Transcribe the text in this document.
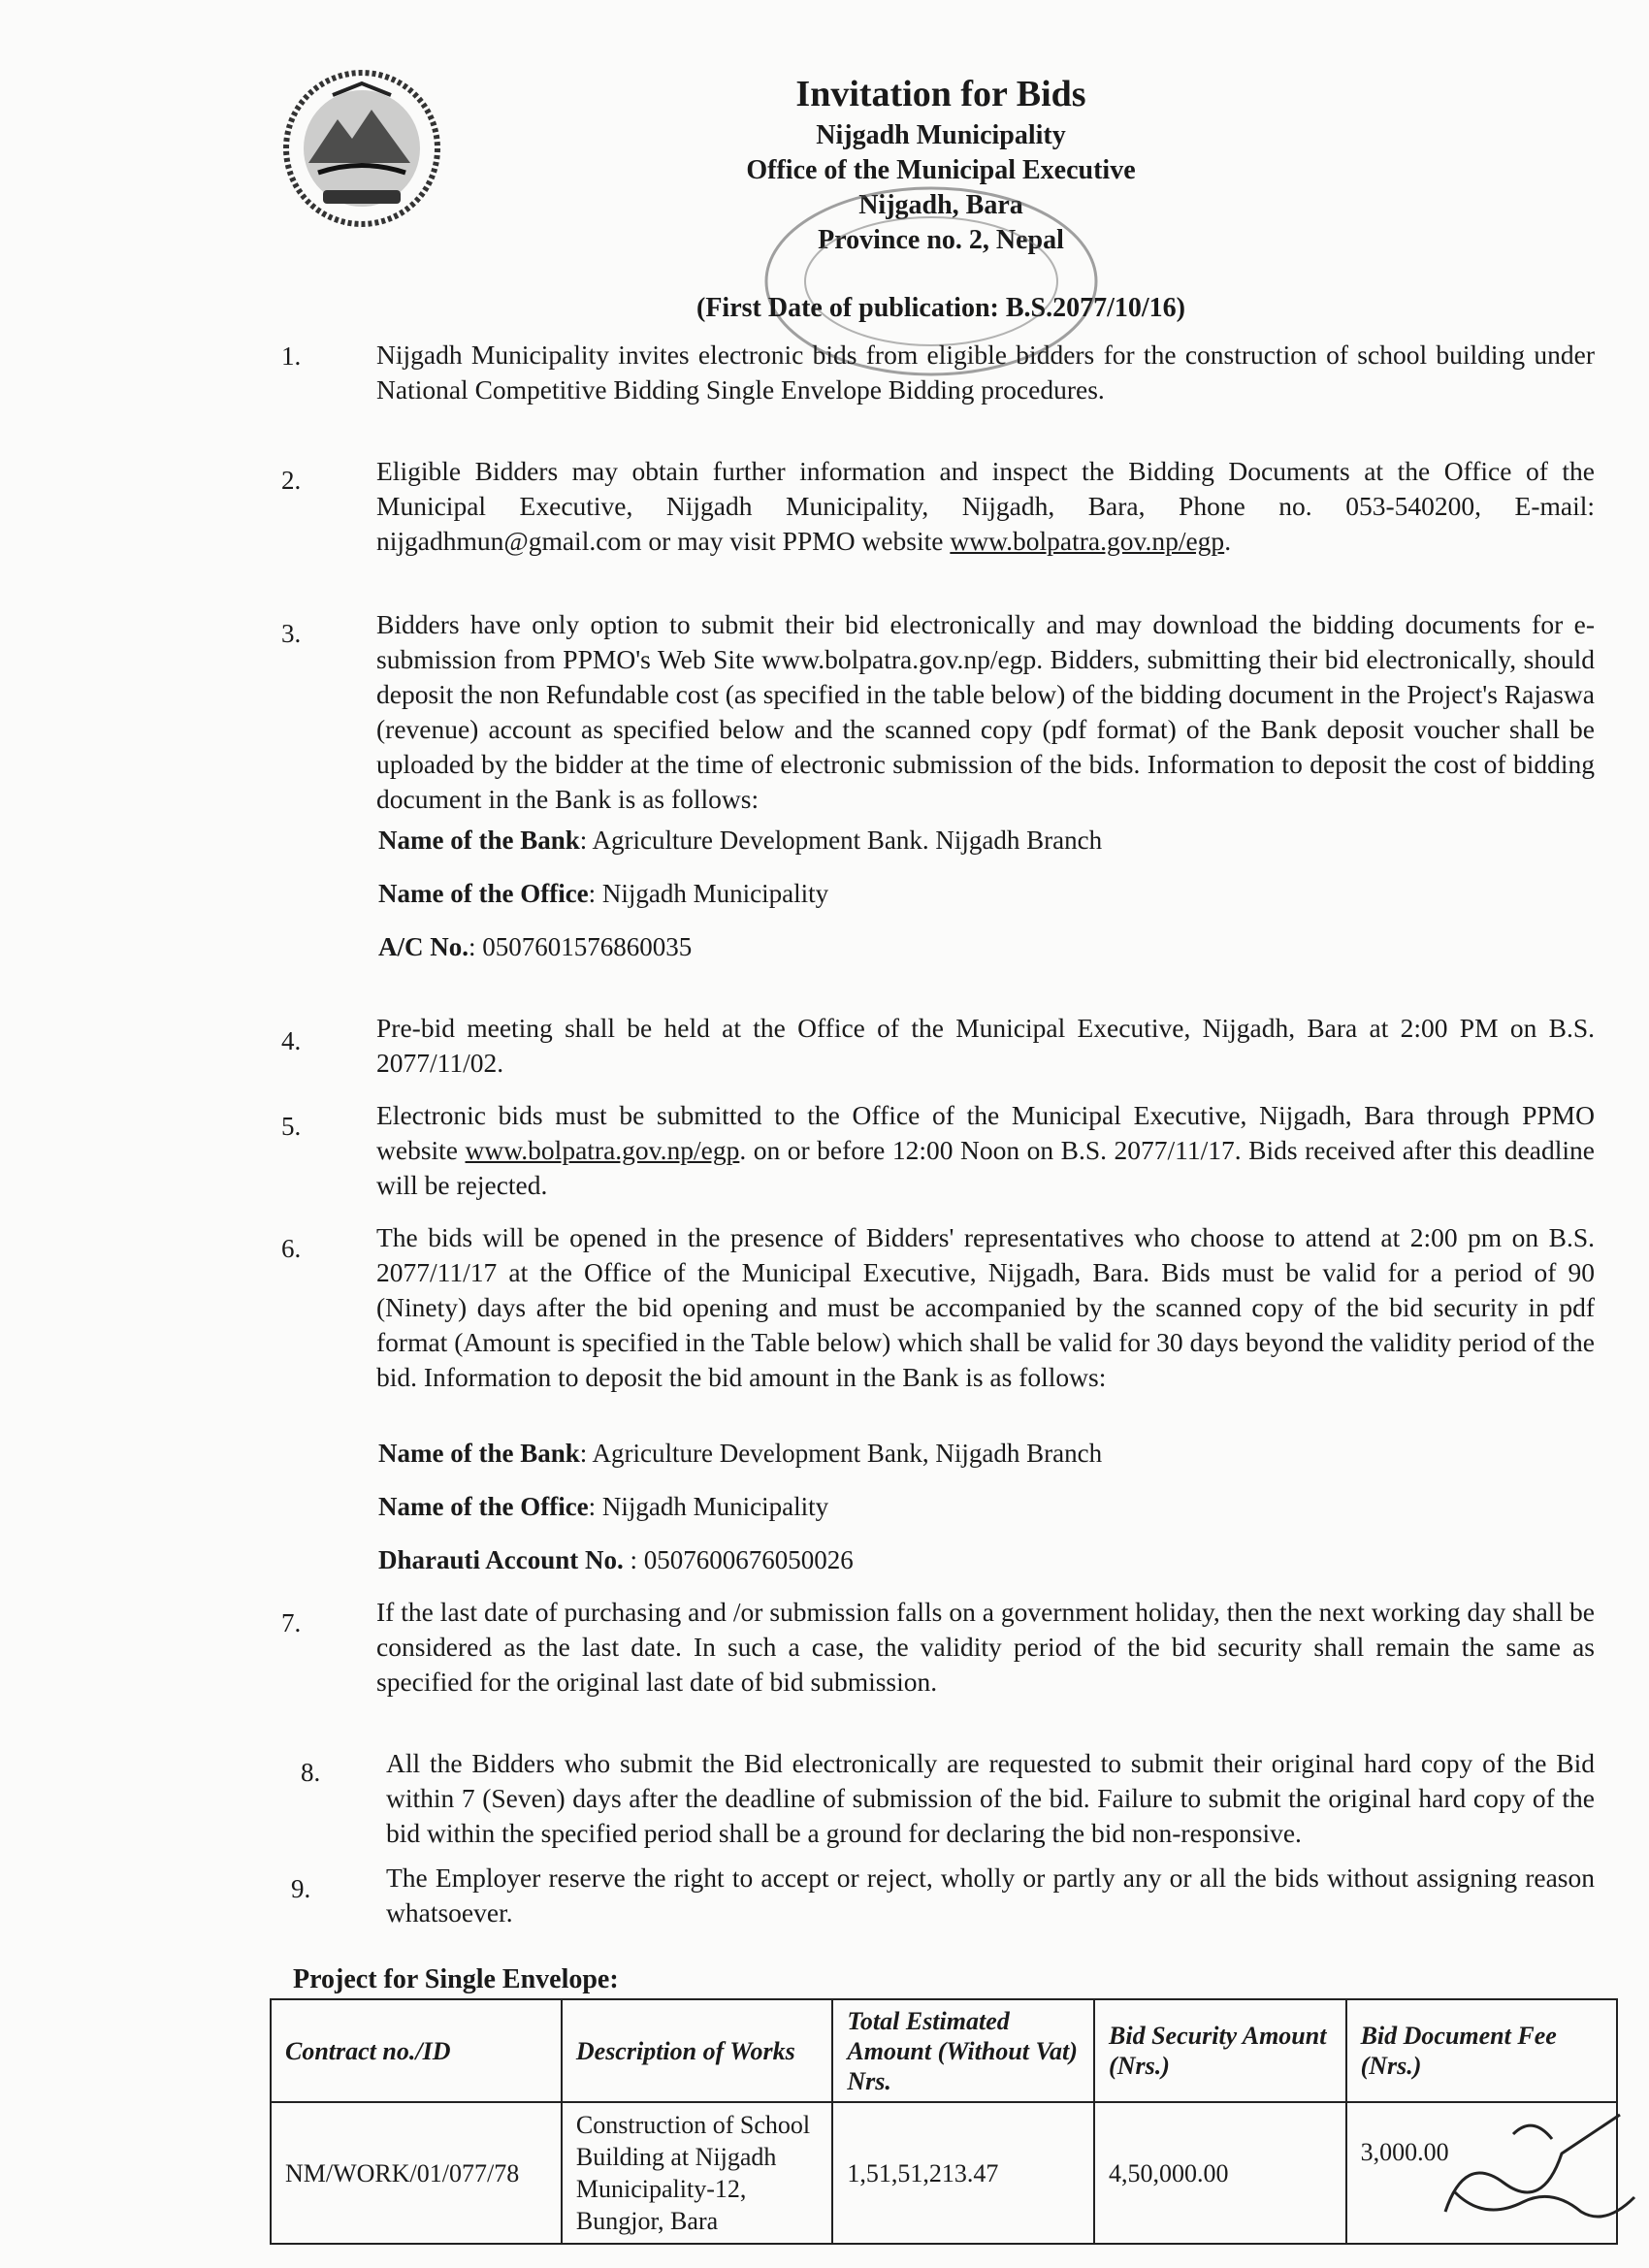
Invitation for Bids
Nijgadh Municipality
Office of the Municipal Executive
Nijgadh, Bara
Province no. 2, Nepal
(First Date of publication: B.S.2077/10/16)
1.	Nijgadh Municipality invites electronic bids from eligible bidders for the construction of school building under National Competitive Bidding Single Envelope Bidding procedures.
2.	Eligible Bidders may obtain further information and inspect the Bidding Documents at the Office of the Municipal Executive, Nijgadh Municipality, Nijgadh, Bara, Phone no. 053-540200, E-mail: nijgadhmun@gmail.com or may visit PPMO website www.bolpatra.gov.np/egp.
3.	Bidders have only option to submit their bid electronically and may download the bidding documents for e-submission from PPMO's Web Site www.bolpatra.gov.np/egp. Bidders, submitting their bid electronically, should deposit the non Refundable cost (as specified in the table below) of the bidding document in the Project's Rajaswa (revenue) account as specified below and the scanned copy (pdf format) of the Bank deposit voucher shall be uploaded by the bidder at the time of electronic submission of the bids. Information to deposit the cost of bidding document in the Bank is as follows:
Name of the Bank: Agriculture Development Bank. Nijgadh Branch
Name of the Office: Nijgadh Municipality
A/C No.: 0507601576860035
4.	Pre-bid meeting shall be held at the Office of the Municipal Executive, Nijgadh, Bara at 2:00 PM on B.S. 2077/11/02.
5.	Electronic bids must be submitted to the Office of the Municipal Executive, Nijgadh, Bara through PPMO website www.bolpatra.gov.np/egp. on or before 12:00 Noon on B.S. 2077/11/17. Bids received after this deadline will be rejected.
6.	The bids will be opened in the presence of Bidders' representatives who choose to attend at 2:00 pm on B.S. 2077/11/17 at the Office of the Municipal Executive, Nijgadh, Bara. Bids must be valid for a period of 90 (Ninety) days after the bid opening and must be accompanied by the scanned copy of the bid security in pdf format (Amount is specified in the Table below) which shall be valid for 30 days beyond the validity period of the bid. Information to deposit the bid amount in the Bank is as follows:
Name of the Bank: Agriculture Development Bank, Nijgadh Branch
Name of the Office: Nijgadh Municipality
Dharauti Account No. : 0507600676050026
7.	If the last date of purchasing and /or submission falls on a government holiday, then the next working day shall be considered as the last date. In such a case, the validity period of the bid security shall remain the same as specified for the original last date of bid submission.
8. All the Bidders who submit the Bid electronically are requested to submit their original hard copy of the Bid within 7 (Seven) days after the deadline of submission of the bid. Failure to submit the original hard copy of the bid within the specified period shall be a ground for declaring the bid non-responsive.
9.	The Employer reserve the right to accept or reject, wholly or partly any or all the bids without assigning reason whatsoever.
Project for Single Envelope:
Contract no./ID	Description of Works	Total Estimated Amount (Without Vat) Nrs.	Bid Security Amount (Nrs.)	Bid Document Fee (Nrs.)
NM/WORK/01/077/78	Construction of School Building at Nijgadh Municipality-12, Bungjor, Bara	1,51,51,213.47	4,50,000.00	3,000.00
